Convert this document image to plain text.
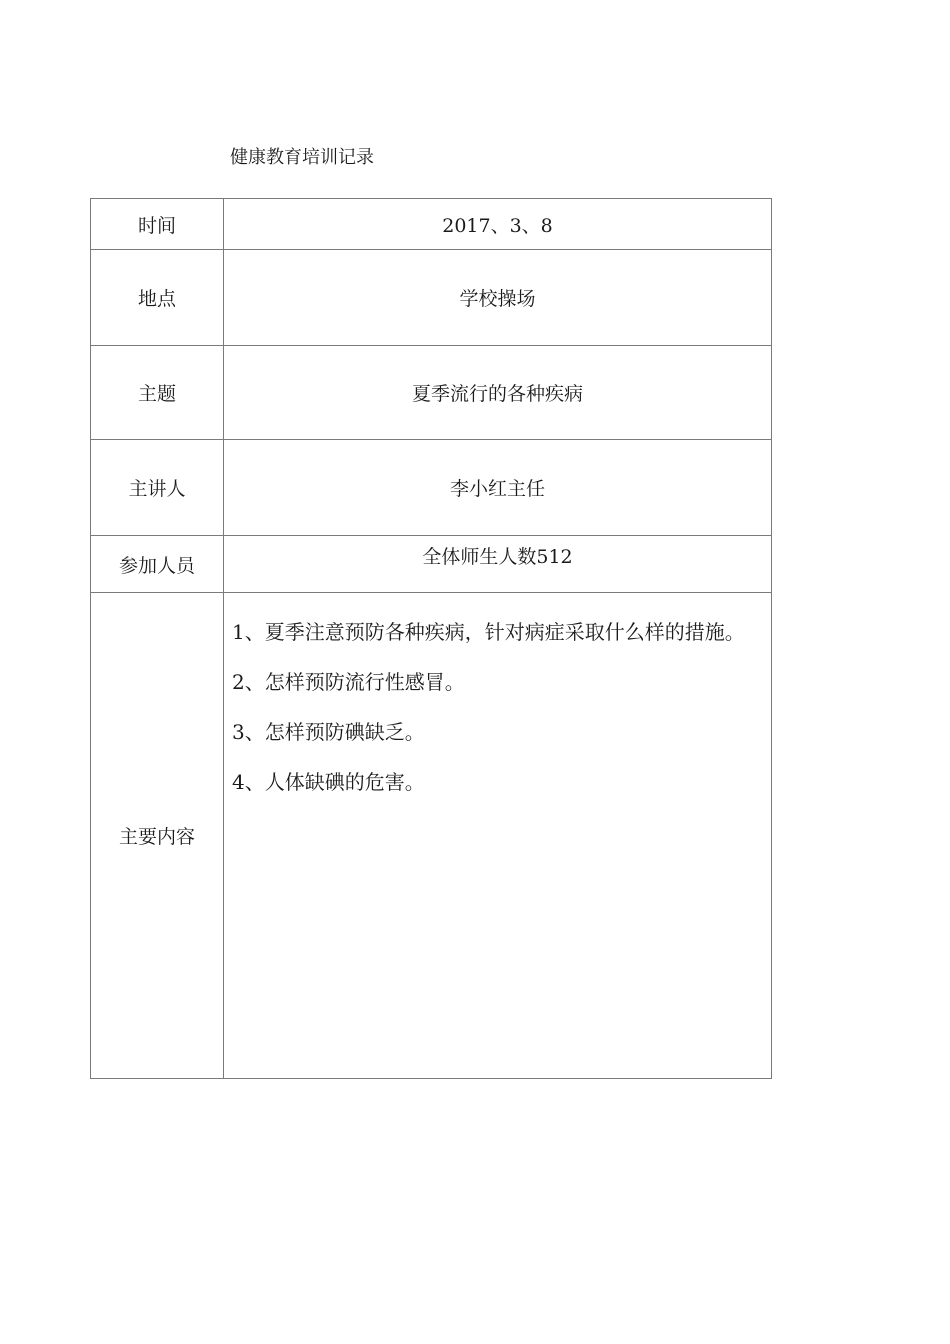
健康教育培训记录
时间	2017、3、8
地点	学校操场
主题	夏季流行的各种疾病
主讲人	李小红主任
参加人员	全体师生人数512
主要内容	1、夏季注意预防各种疾病，针对病症采取什么样的措施。
2、怎样预防流行性感冒。
3、怎样预防碘缺乏。
4、人体缺碘的危害。
